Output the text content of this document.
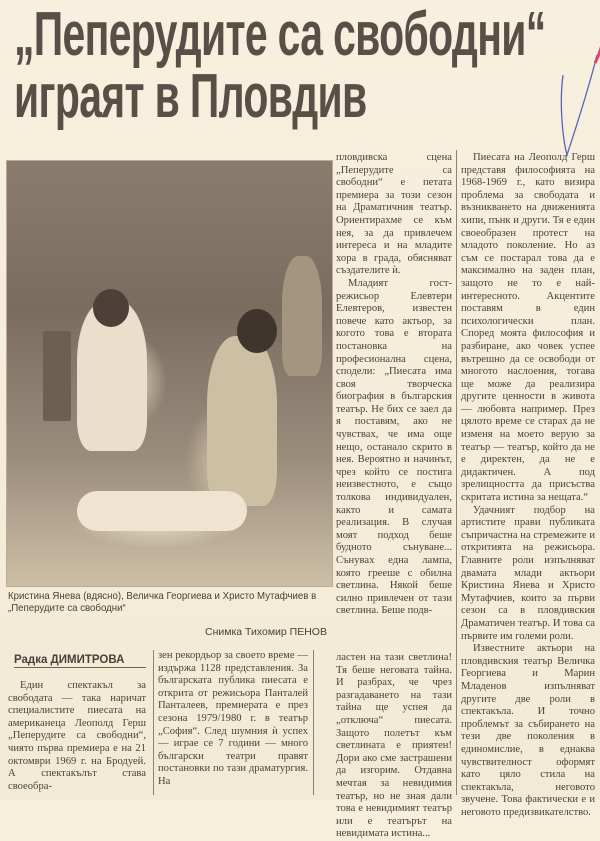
„Пеперудите са свободни“
играят в Пловдив
Кристина Янева (вдясно), Величка Георгиева и Христо Мутафчиев в „Пеперудите са свободни“
Снимка Тихомир ПЕНОВ
Радка ДИМИТРОВА

Един спектакъл за свободата — така наричат специалистите пиесата на американеца Леополд Герш „Пеперудите са свободни“, чиято първа премиера е на 21 октомври 1969 г. на Бродуей. А спектакълът става своеобра-

зен рекордьор за своето време — издържа 1128 представления. За българската публика пиесата е открита от режисьора Панталей Панталеев, премиерата е през сезона 1979/1980 г. в театър „София“. След шумния ѝ успех — играе се 7 години — много български театри правят постановки по тази драматургия. На

пловдивска сцена „Пеперудите са свободни“ е петата премиера за този сезон на Драматичния театър. Ориентирахме се към нея, за да привлечем интереса и на младите хора в града, обясняват създателите ѝ.

Младият гост-режисьор Елевтери Елевтеров, известен повече като актьор, за когото това е втората постановка на професионална сцена, сподели: „Пиесата има своя творческа биография в българския театър. Не бих се заел да я поставям, ако не чувствах, че има още нещо, останало скрито в нея. Вероятно и начинът, чрез който се постига неизвестното, е също толкова индивидуален, както и самата реализация. В случая моят подход беше будното сънуване... Сънувах една лампа, която грееше с обилна светлина. Някой беше силно привлечен от тази светлина. Беше подв-

ластен на тази светлина! Тя беше неговата тайна. И разбрах, че чрез разгадаването на тази тайна ще успея да „отключа“ пиесата. Защото полетът към светлината е приятен! Дори ако сме застрашени да изгорим. Отдавна мечтая за невидимия театър, но не зная дали това е невидимият театър или е театърът на невидимата истина...

Пиесата на Леополд Герш представя философията на 1968-1969 г., като визира проблема за свободата и възникването на движенията хипи, пънк и други. Тя е един своеобразен протест на младото поколение. Но аз съм се постарал това да е максимално на заден план, защото не то е най-интересното. Акцентите поставям в един психологически план. Според моята философия и разбиране, ако човек успее вътрешно да се освободи от многото наслоения, тогава ще може да реализира другите ценности в живота — любовта например. През цялото време се старах да не изменя на моето верую за театър — театър, който да не е директен, да не е дидактичен. А под зрелищността да присъства скритата истина за нещата.“

Удачният подбор на артистите прави публиката съпричастна на стремежите и откритията на режисьора. Главните роли изпълняват двамата млади актьори Кристина Янева и Христо Мутафчиев, които за първи сезон са в пловдивския Драматичен театър. И това са първите им големи роли.

Известните актьори на пловдивския театър Величка Георгиева и Марин Младенов изпълняват другите две роли в спектакъла. И точно проблемът за събирането на тези две поколения в единомислие, в еднаква чувствителност оформят като цяло стила на спектакъла, неговото звучене. Това фактически е и неговото предизвикателство.
